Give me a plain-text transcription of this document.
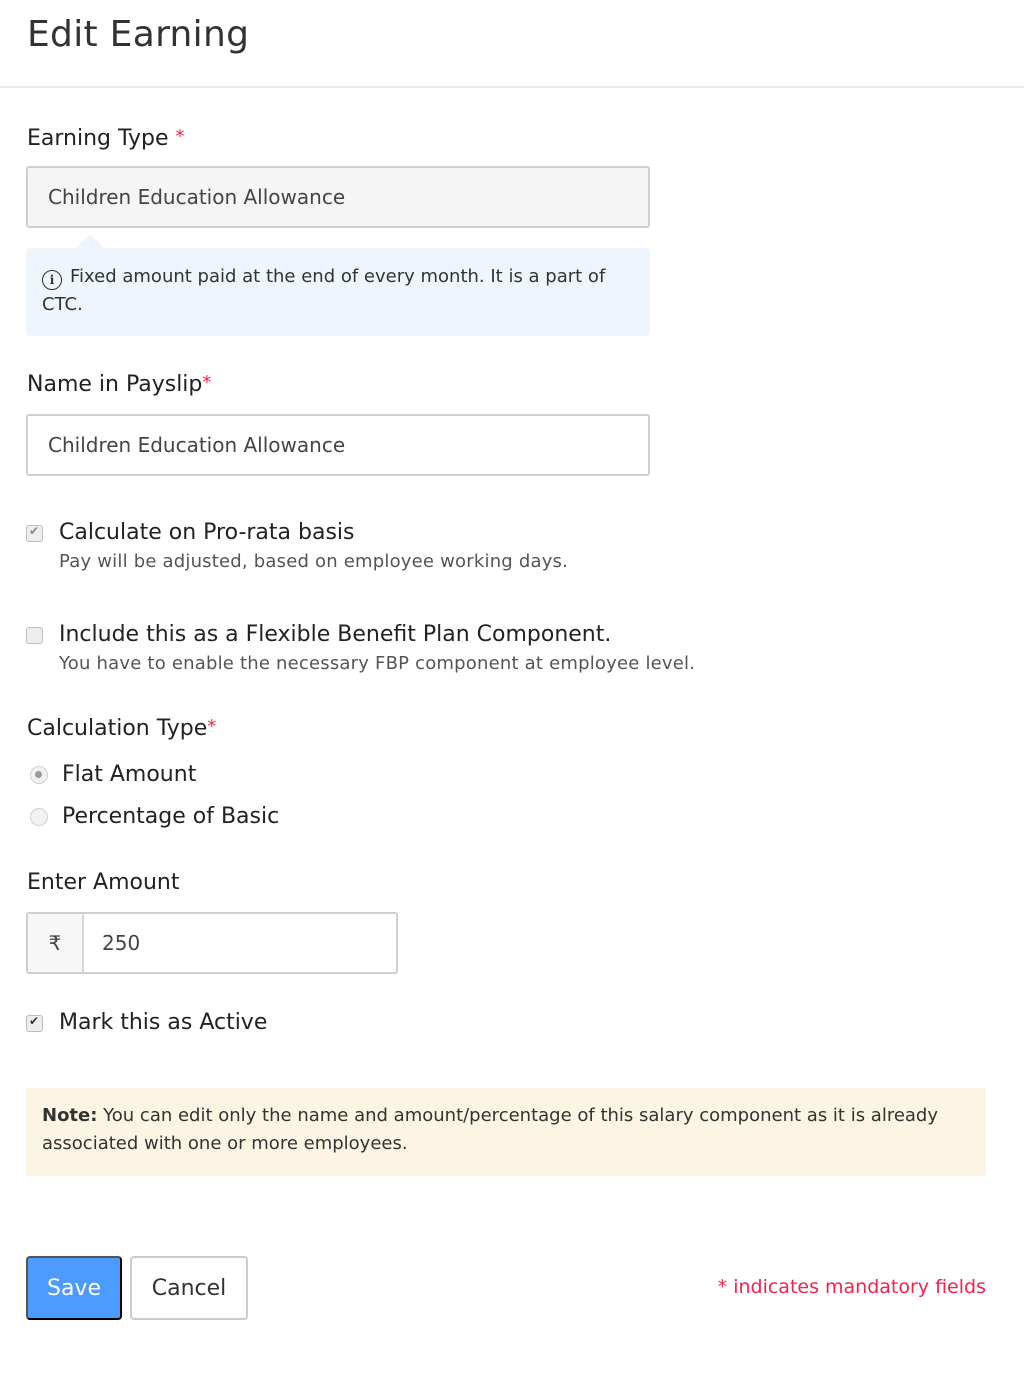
Edit Earning
Earning Type *
Children Education Allowance
i Fixed amount paid at the end of every month. It is a part of CTC.
Name in Payslip*
Children Education Allowance
✔
Calculate on Pro-rata basis
Pay will be adjusted, based on employee working days.
Include this as a Flexible Benefit Plan Component.
You have to enable the necessary FBP component at employee level.
Calculation Type*
Flat Amount
Percentage of Basic
Enter Amount
₹	250
✔
Mark this as Active
Note: You can edit only the name and amount/percentage of this salary component as it is already associated with one or more employees.
Save	Cancel	* indicates mandatory fields
